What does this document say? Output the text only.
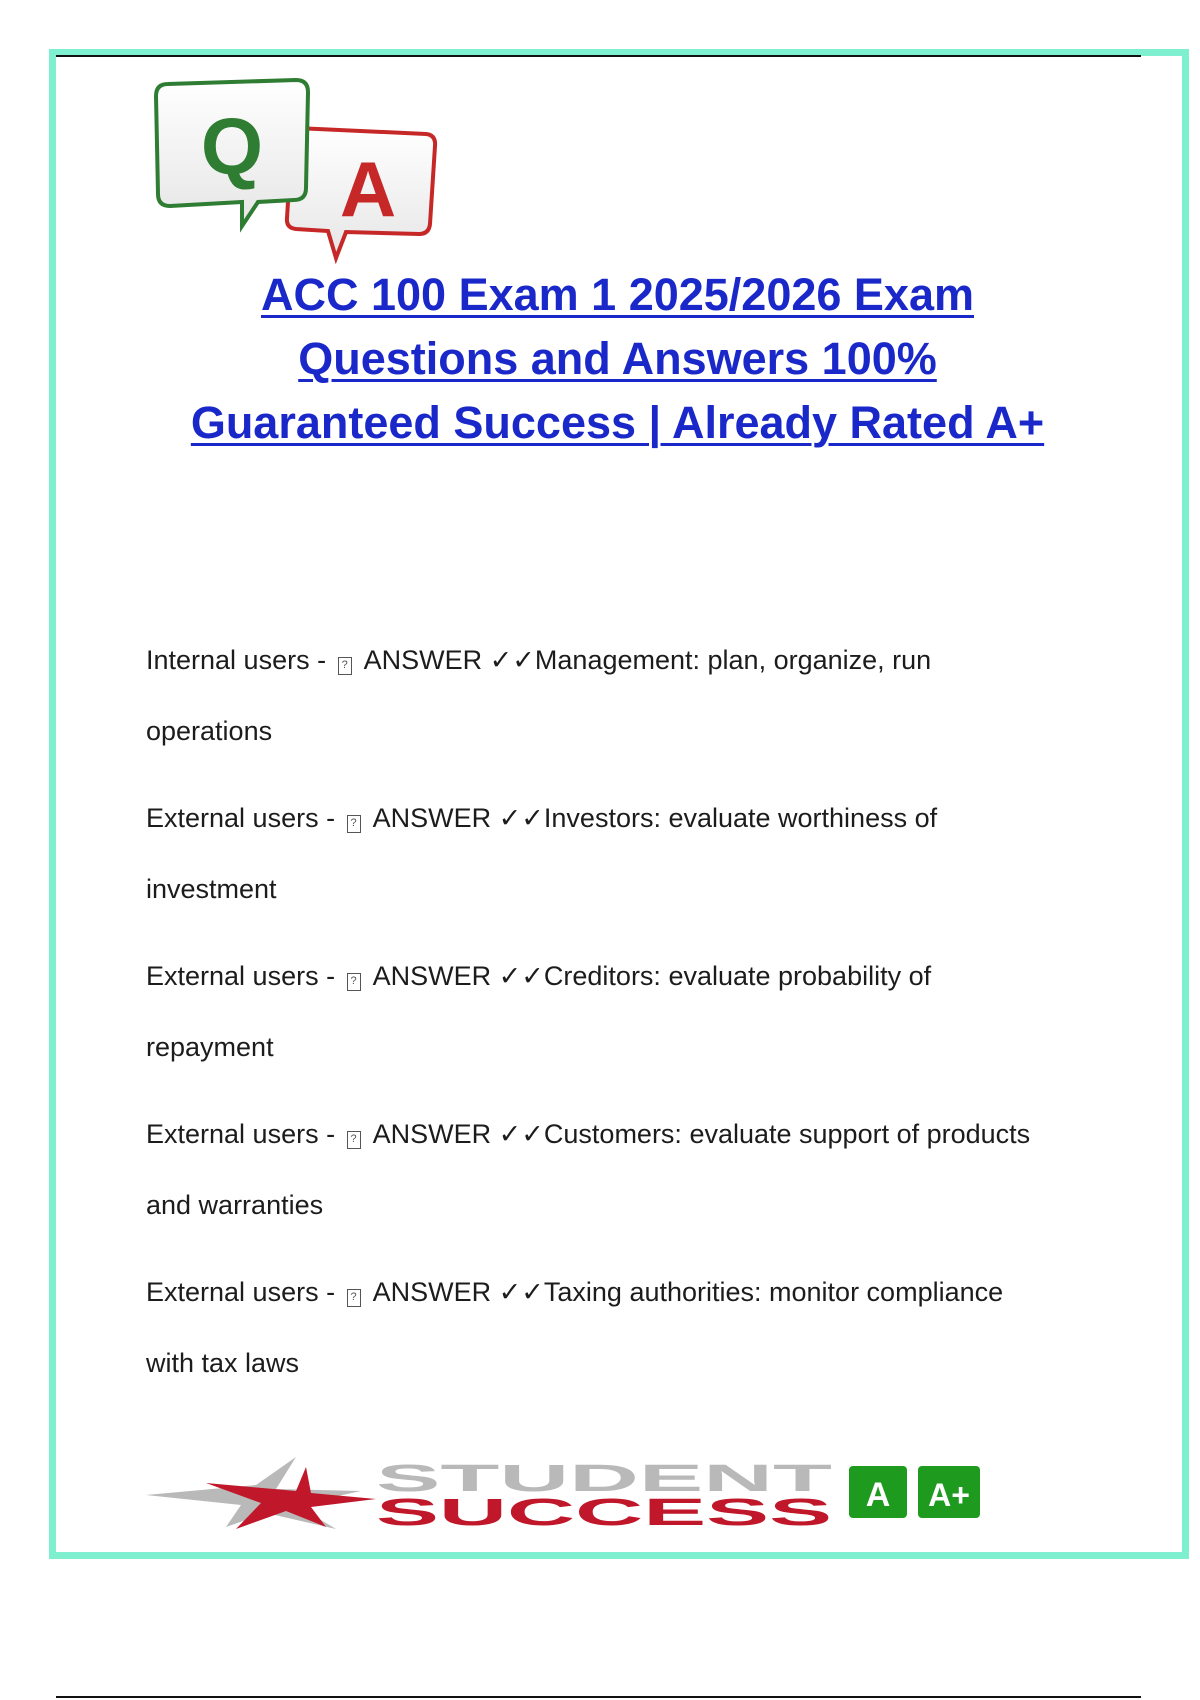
A
Q
ACC 100 Exam 1 2025/2026 Exam
Questions and Answers 100%
Guaranteed Success | Already Rated A+

Internal users - ? ANSWER ✓✓Management: plan, organize, run
operations

External users - ? ANSWER ✓✓Investors: evaluate worthiness of
investment

External users - ? ANSWER ✓✓Creditors: evaluate probability of
repayment

External users - ? ANSWER ✓✓Customers: evaluate support of products
and warranties

External users - ? ANSWER ✓✓Taxing authorities: monitor compliance
with tax laws

STUDENT
SUCCESS A A+
